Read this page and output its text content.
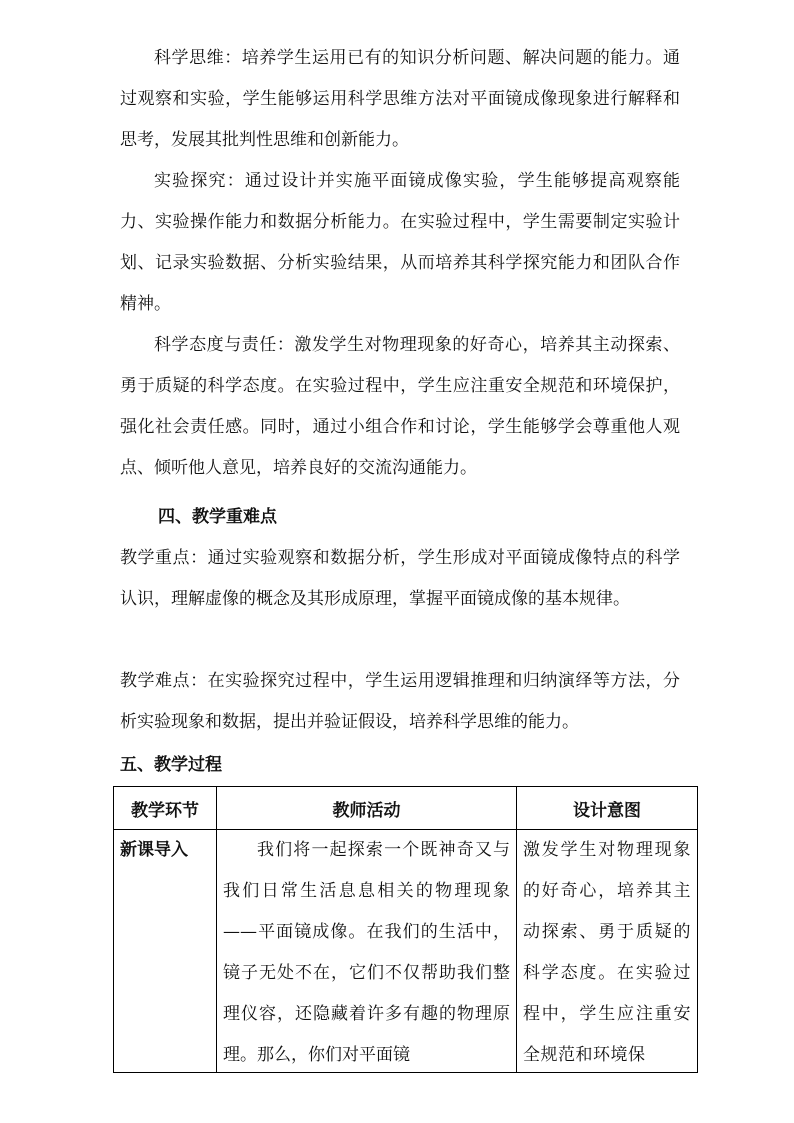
科学思维：培养学生运用已有的知识分析问题、解决问题的能力。通过观察和实验，学生能够运用科学思维方法对平面镜成像现象进行解释和思考，发展其批判性思维和创新能力。

实验探究：通过设计并实施平面镜成像实验，学生能够提高观察能力、实验操作能力和数据分析能力。在实验过程中，学生需要制定实验计划、记录实验数据、分析实验结果，从而培养其科学探究能力和团队合作精神。

科学态度与责任：激发学生对物理现象的好奇心，培养其主动探索、勇于质疑的科学态度。在实验过程中，学生应注重安全规范和环境保护，强化社会责任感。同时，通过小组合作和讨论，学生能够学会尊重他人观点、倾听他人意见，培养良好的交流沟通能力。

四、教学重难点

教学重点：通过实验观察和数据分析，学生形成对平面镜成像特点的科学认识，理解虚像的概念及其形成原理，掌握平面镜成像的基本规律。

教学难点：在实验探究过程中，学生运用逻辑推理和归纳演绎等方法，分析实验现象和数据，提出并验证假设，培养科学思维的能力。

五、教学过程

教学环节	教师活动	设计意图

新课导入	我们将一起探索一个既神奇又与我们日常生活息息相关的物理现象——平面镜成像。在我们的生活中，镜子无处不在，它们不仅帮助我们整理仪容，还隐藏着许多有趣的物理原理。那么，你们对平面镜	激发学生对物理现象的好奇心，培养其主动探索、勇于质疑的科学态度。在实验过程中，学生应注重安全规范和环境保
